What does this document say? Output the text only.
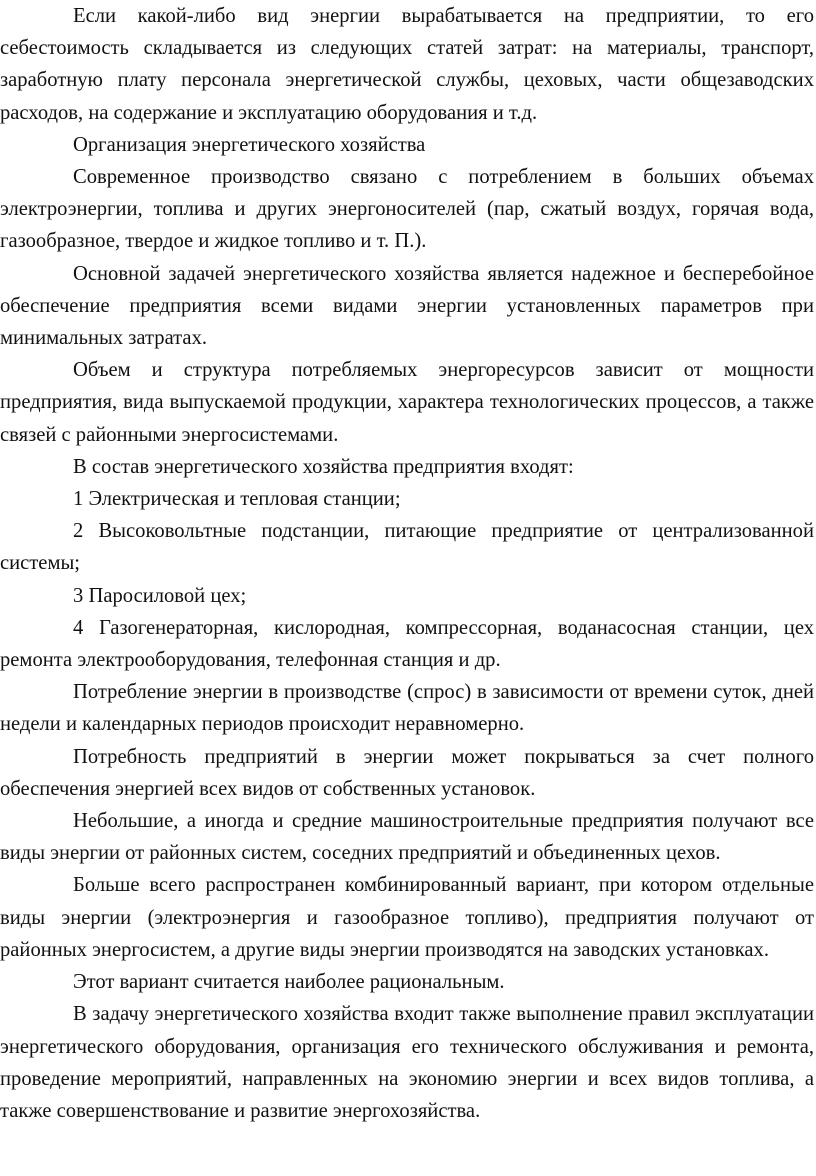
Если какой-либо вид энергии вырабатывается на предприятии, то его себестоимость складывается из следующих статей затрат: на материалы, транспорт, заработную плату персонала энергетической службы, цеховых, части общезаводских расходов, на содержание и эксплуатацию оборудования и т.д.

Организация энергетического хозяйства

Современное производство связано с потреблением в больших объемах электроэнергии, топлива и других энергоносителей (пар, сжатый воздух, горячая вода, газообразное, твердое и жидкое топливо и т. П.).

Основной задачей энергетического хозяйства является надежное и бесперебойное обеспечение предприятия всеми видами энергии установленных параметров при минимальных затратах.

Объем и структура потребляемых энергоресурсов зависит от мощности предприятия, вида выпускаемой продукции, характера технологических процессов, а также связей с районными энергосистемами.

В состав энергетического хозяйства предприятия входят:

1 Электрическая и тепловая станции;

2 Высоковольтные подстанции, питающие предприятие от централизованной системы;

3 Паросиловой цех;

4 Газогенераторная, кислородная, компрессорная, воданасосная станции, цех ремонта электрооборудования, телефонная станция и др.

Потребление энергии в производстве (спрос) в зависимости от времени суток, дней недели и календарных периодов происходит неравномерно.

Потребность предприятий в энергии может покрываться за счет полного обеспечения энергией всех видов от собственных установок.

Небольшие, а иногда и средние машиностроительные предприятия получают все виды энергии от районных систем, соседних предприятий и объединенных цехов.

Больше всего распространен комбинированный вариант, при котором отдельные виды энергии (электроэнергия и газообразное топливо), предприятия получают от районных энергосистем, а другие виды энергии производятся на заводских установках.

Этот вариант считается наиболее рациональным.

В задачу энергетического хозяйства входит также выполнение правил эксплуатации энергетического оборудования, организация его технического обслуживания и ремонта, проведение мероприятий, направленных на экономию энергии и всех видов топлива, а также совершенствование и развитие энергохозяйства.
